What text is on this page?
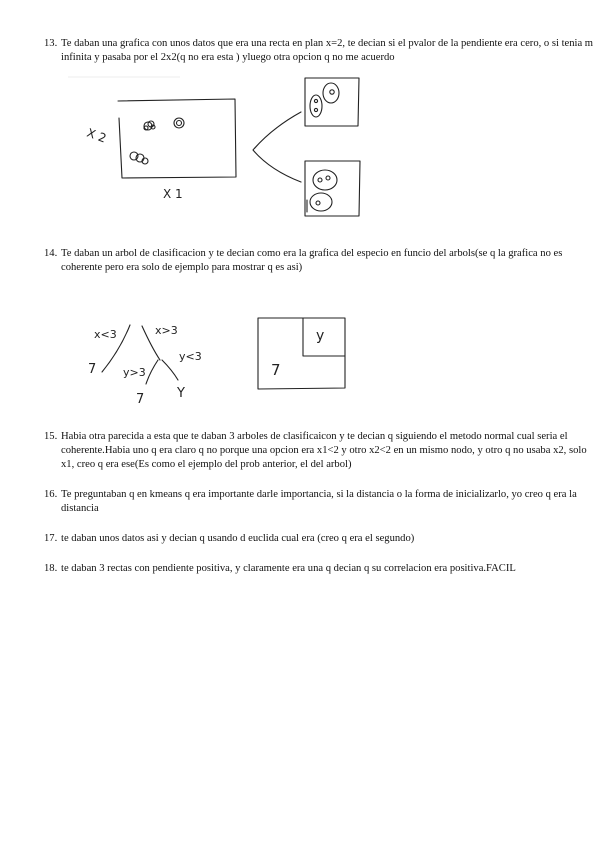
13. Te daban una grafica con unos datos que era una recta en plan x=2, te decian si el pvalor de la pendiente era cero, o si tenia m infinita y pasaba por el 2x2(q no era esta ) yluego otra opcion q no me acuerdo
X 2
X 1
14. Te daban un arbol de clasificacion y te decian como era la grafica del especio en funcio del arbols(se q la grafica no es coherente pero era solo de ejemplo para mostrar q es asi)
x<3	x>3
7 y>3
y<3
7	Y
y
7
15. Habia otra parecida a esta que te daban 3 arboles de clasificaicon y te decian q siguiendo el metodo normal cual seria el coherente.Habia uno q era claro q no porque una opcion era x1<2 y otro x2<2 en un mismo nodo, y otro q no usaba x2, solo x1, creo q era ese(Es como el ejemplo del prob anterior, el del arbol)
16. Te preguntaban q en kmeans q era importante darle importancia, si la distancia o la forma de inicializarlo, yo creo q era la distancia
17. te daban unos datos asi y decian q usando d euclida cual era (creo q era el segundo)
18. te daban 3 rectas con pendiente positiva, y claramente era una q decian q su correlacion era positiva.FACIL
